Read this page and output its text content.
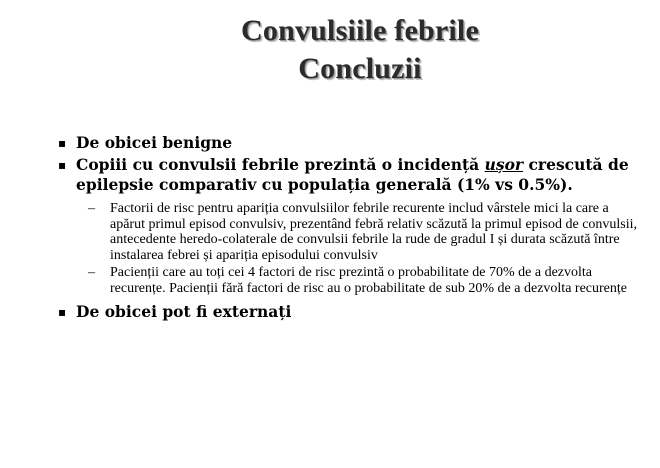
Convulsiile febrile
Concluzii

▪ De obicei benigne

▪ Copiii cu convulsii febrile prezintă o incidență ușor crescută de epilepsie comparativ cu populația generală (1% vs 0.5%).

– Factorii de risc pentru apariția convulsiilor febrile recurente includ vârstele mici la care a apărut primul episod convulsiv, prezentând febră relativ scăzută la primul episod de convulsii, antecedente heredo-colaterale de convulsii febrile la rude de gradul I și durata scăzută între instalarea febrei și apariția episodului convulsiv

– Pacienții care au toți cei 4 factori de risc prezintă o probabilitate de 70% de a dezvolta recurențe. Pacienții fără factori de risc au o probabilitate de sub 20% de a dezvolta recurențe

▪ De obicei pot fi externați
